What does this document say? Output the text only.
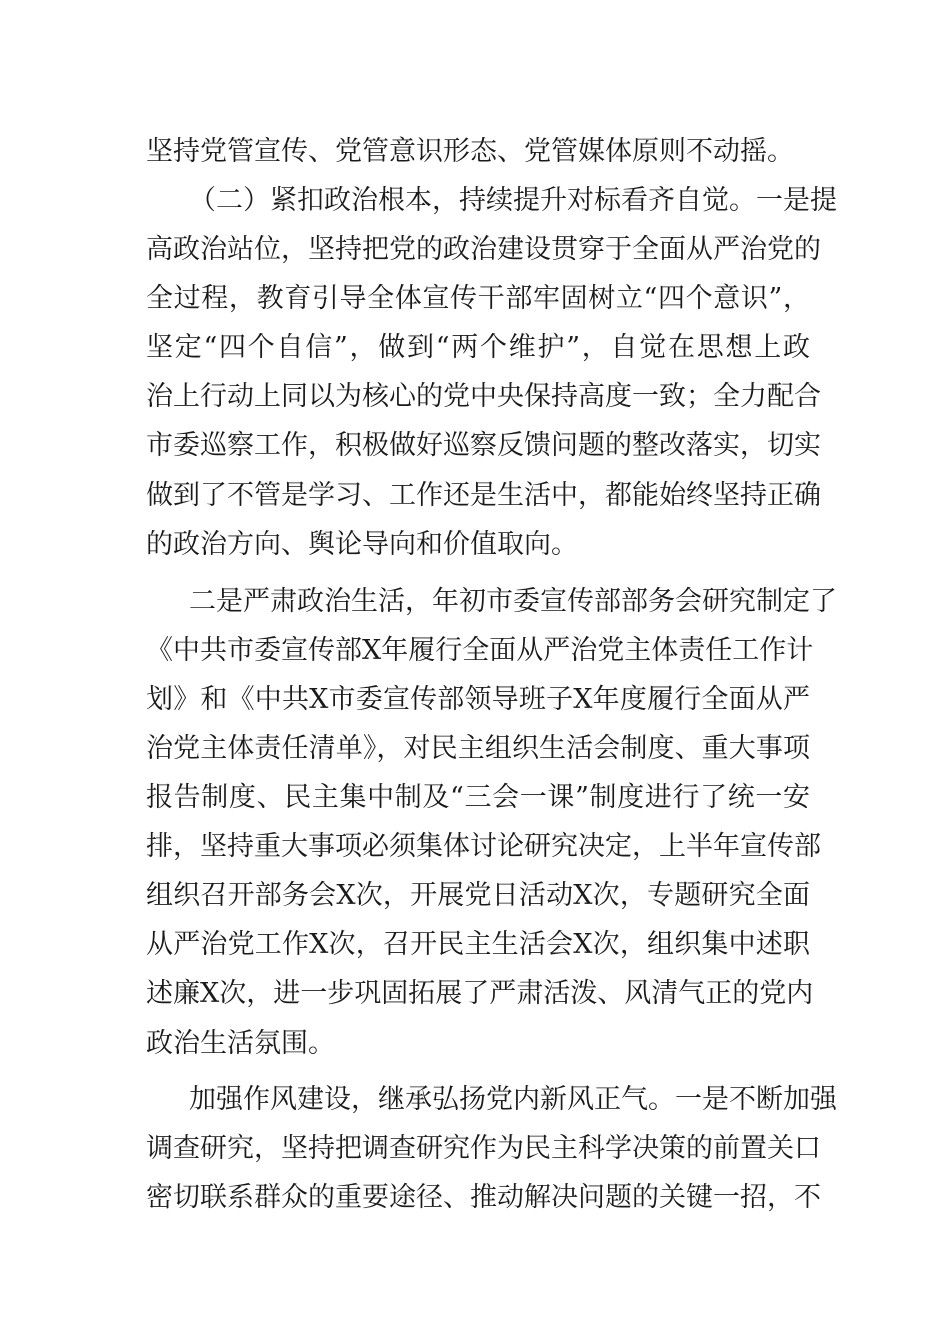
坚持党管宣传、党管意识形态、党管媒体原则不动摇。
（二）紧扣政治根本，持续提升对标看齐自觉。一是提
高政治站位，坚持把党的政治建设贯穿于全面从严治党的
全过程，教育引导全体宣传干部牢固树立“四个意识”，
坚定“四个自信”，做到“两个维护”，自觉在思想上政
治上行动上同以为核心的党中央保持高度一致；全力配合
市委巡察工作，积极做好巡察反馈问题的整改落实，切实
做到了不管是学习、工作还是生活中，都能始终坚持正确
的政治方向、舆论导向和价值取向。
二是严肃政治生活，年初市委宣传部部务会研究制定了
《中共市委宣传部X年履行全面从严治党主体责任工作计
划》和《中共X市委宣传部领导班子X年度履行全面从严
治党主体责任清单》，对民主组织生活会制度、重大事项
报告制度、民主集中制及“三会一课”制度进行了统一安
排，坚持重大事项必须集体讨论研究决定，上半年宣传部
组织召开部务会X次，开展党日活动X次，专题研究全面
从严治党工作X次，召开民主生活会X次，组织集中述职
述廉X次，进一步巩固拓展了严肃活泼、风清气正的党内
政治生活氛围。
加强作风建设，继承弘扬党内新风正气。一是不断加强
调查研究，坚持把调查研究作为民主科学决策的前置关口
密切联系群众的重要途径、推动解决问题的关键一招，不
